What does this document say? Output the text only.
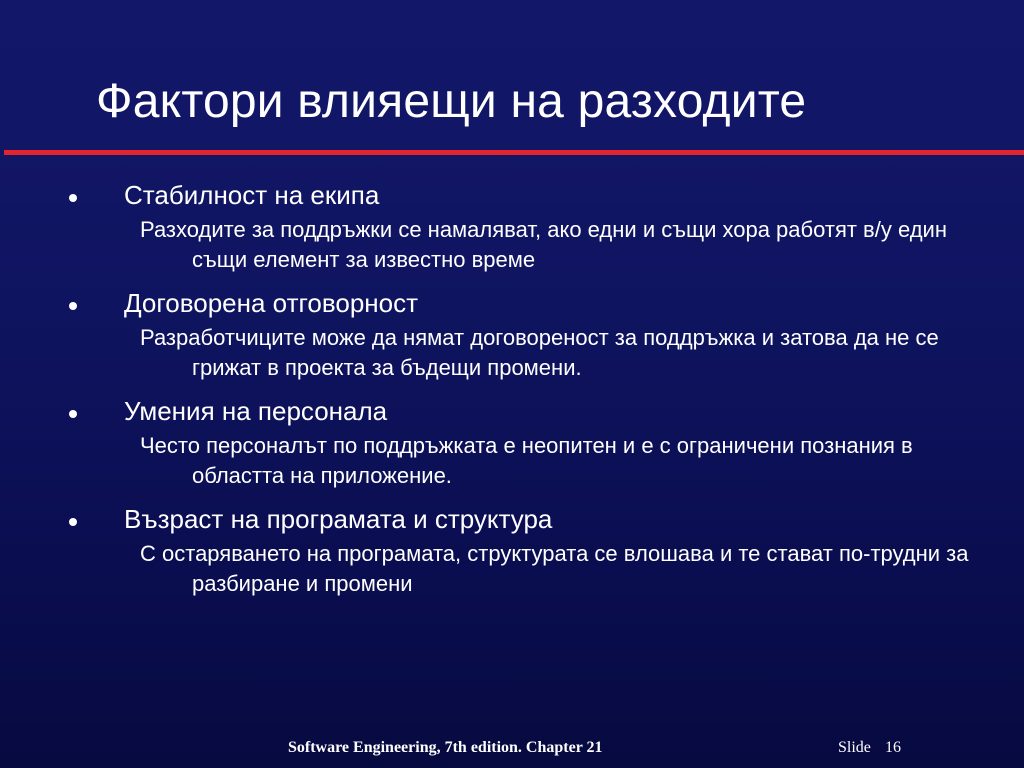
Фактори влияещи на разходите
Стабилност на екипа
Разходите за поддръжки се намаляват, ако едни и същи хора работят в/у един същи елемент за известно време
Договорена отговорност
Разработчиците може да нямат договореност за поддръжка и затова да не се грижат в проекта за бъдещи промени.
Умения на персонала
Често персоналът по поддръжката е неопитен и е с ограничени познания в областта на приложение.
Възраст на програмата и структура
С остаряването на програмата, структурата се влошава и те стават по-трудни за разбиране и промени
Software Engineering, 7th edition. Chapter 21	Slide 16
